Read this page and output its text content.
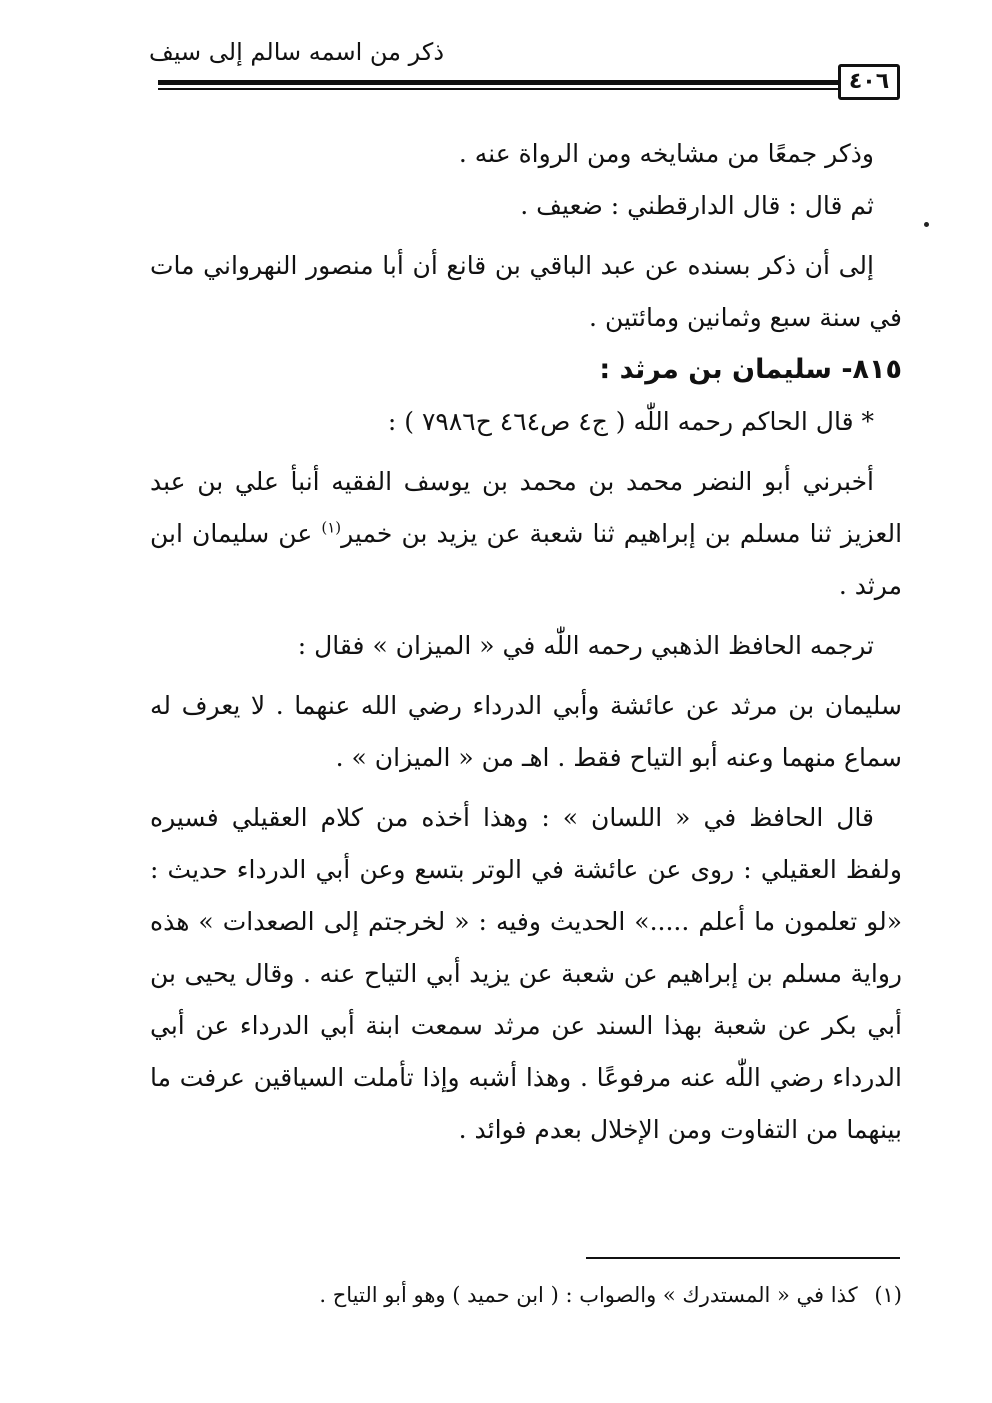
ذكر من اسمه سالم إلى سيف
٤٠٦

وذكر جمعًا من مشايخه ومن الرواة عنه .

ثم قال : قال الدارقطني : ضعيف .

إلى أن ذكر بسنده عن عبد الباقي بن قانع أن أبا منصور النهرواني مات في سنة سبع وثمانين ومائتين .

٨١٥- سليمان بن مرثد :

* قال الحاكم رحمه اللّٰه ( ج٤ ص٤٦٤ ح٧٩٨٦ ) :

أخبرني أبو النضر محمد بن محمد بن يوسف الفقيه أنبأ علي بن عبد العزيز ثنا مسلم بن إبراهيم ثنا شعبة عن يزيد بن خمير$^{(١)}$ عن سليمان ابن مرثد .

ترجمه الحافظ الذهبي رحمه اللّٰه في « الميزان » فقال :

سليمان بن مرثد عن عائشة وأبي الدرداء رضي الله عنهما . لا يعرف له سماع منهما وعنه أبو التياح فقط . اهـ من « الميزان » .

قال الحافظ في « اللسان » : وهذا أخذه من كلام العقيلي فسيره ولفظ العقيلي : روى عن عائشة في الوتر بتسع وعن أبي الدرداء حديث : «لو تعلمون ما أعلم .....» الحديث وفيه : « لخرجتم إلى الصعدات » هذه رواية مسلم بن إبراهيم عن شعبة عن يزيد أبي التياح عنه . وقال يحيى بن أبي بكر عن شعبة بهذا السند عن مرثد سمعت ابنة أبي الدرداء عن أبي الدرداء رضي اللّٰه عنه مرفوعًا . وهذا أشبه وإذا تأملت السياقين عرفت ما بينهما من التفاوت ومن الإخلال بعدم فوائد .

(١) كذا في « المستدرك » والصواب : ( ابن حميد ) وهو أبو التياح .
